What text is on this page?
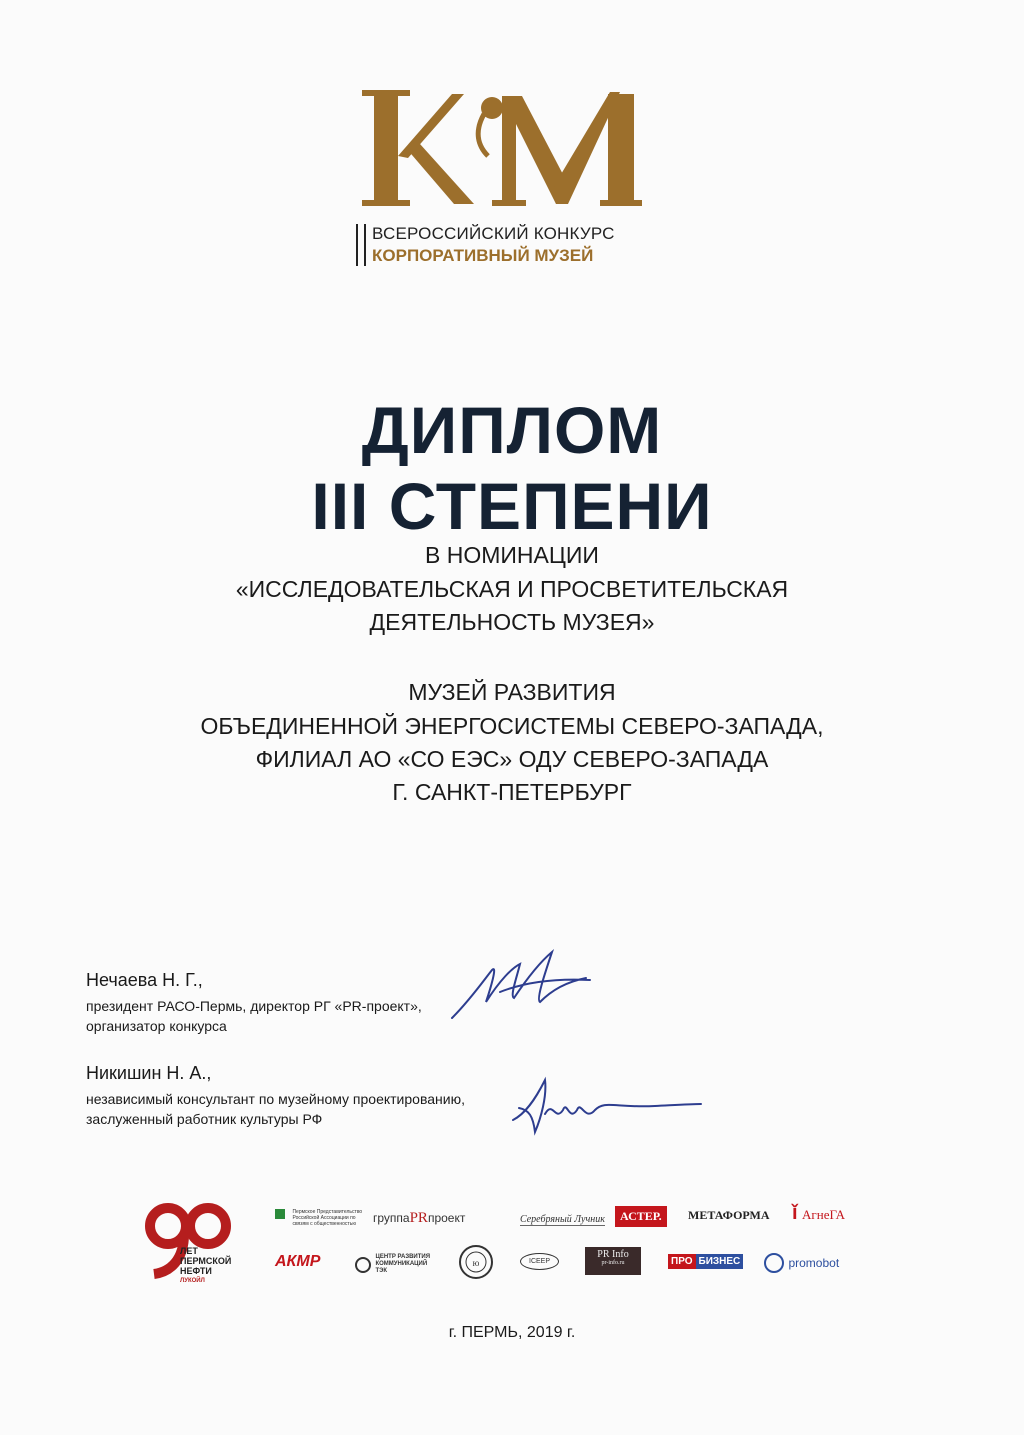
ВСЕРОССИЙСКИЙ КОНКУРС
КОРПОРАТИВНЫЙ МУЗЕЙ
ДИПЛОМ
III СТЕПЕНИ
В НОМИНАЦИИ
«ИССЛЕДОВАТЕЛЬСКАЯ И ПРОСВЕТИТЕЛЬСКАЯ
ДЕЯТЕЛЬНОСТЬ МУЗЕЯ»
МУЗЕЙ РАЗВИТИЯ
ОБЪЕДИНЕННОЙ ЭНЕРГОСИСТЕМЫ СЕВЕРО-ЗАПАДА,
ФИЛИАЛ АО «СО ЕЭС» ОДУ СЕВЕРО-ЗАПАДА
Г. САНКТ-ПЕТЕРБУРГ
Нечаева Н. Г.,
президент РАСО-Пермь, директор РГ «PR-проект»,
организатор конкурса
Никишин Н. А.,
независимый консультант по музейному проектированию,
заслуженный работник культуры РФ
ЛЕТ
ПЕРМСКОЙ
НЕФТИ
ЛУКОЙЛ
Пермское Представительство Российской Ассоциации по связям с общественностью	группаPRпроект	Серебряный Лучник	АСТЕР.	МЕТАФОРМА ǐ АгнеГА
АКМР	ЦЕНТР РАЗВИТИЯ КОММУНИКАЦИЙ ТЭК
ю	ICEEP
PR Info
pr-info.ru	ПРО БИЗНЕС	promobot
г. ПЕРМЬ, 2019 г.
